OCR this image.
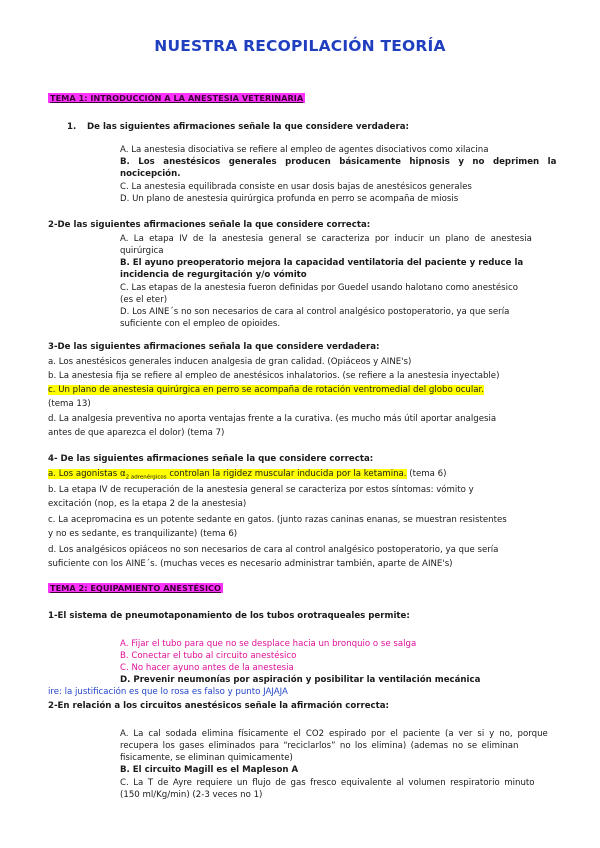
NUESTRA RECOPILACIÓN TEORÍA
TEMA 1: INTRODUCCIÓN A LA ANESTESIA VETERINARIA
1. De las siguientes afirmaciones señale la que considere verdadera:
A. La anestesia disociativa se refiere al empleo de agentes disociativos como xilacina
B. Los anestésicos generales producen básicamente hipnosis y no deprimen la
nocicepción.
C. La anestesia equilibrada consiste en usar dosis bajas de anestésicos generales
D. Un plano de anestesia quirúrgica profunda en perro se acompaña de miosis
2-De las siguientes afirmaciones señale la que considere correcta:
A. La etapa IV de la anestesia general se caracteriza por inducir un plano de anestesia
quirúrgica
B. El ayuno preoperatorio mejora la capacidad ventilatoria del paciente y reduce la
incidencia de regurgitación y/o vómito
C. Las etapas de la anestesia fueron definidas por Guedel usando halotano como anestésico
(es el eter)
D. Los AINE´s no son necesarios de cara al control analgésico postoperatorio, ya que sería
suficiente con el empleo de opioides.
3-De las siguientes afirmaciones señala la que considere verdadera:
a. Los anestésicos generales inducen analgesia de gran calidad. (Opiáceos y AINE's)
b. La anestesia fija se refiere al empleo de anestésicos inhalatorios. (se refiere a la anestesia inyectable)
c. Un plano de anestesia quirúrgica en perro se acompaña de rotación ventromedial del globo ocular.
(tema 13)
d. La analgesia preventiva no aporta ventajas frente a la curativa. (es mucho más útil aportar analgesia
antes de que aparezca el dolor) (tema 7)
4- De las siguientes afirmaciones señale la que considere correcta:
a. Los agonistas $\alpha_{2 adrenérgicos}$ controlan la rigidez muscular inducida por la ketamina. (tema 6)
b. La etapa IV de recuperación de la anestesia general se caracteriza por estos síntomas: vómito y
excitación (nop, es la etapa 2 de la anestesia)
c. La acepromacina es un potente sedante en gatos. (junto razas caninas enanas, se muestran resistentes
y no es sedante, es tranquilizante) (tema 6)
d. Los analgésicos opiáceos no son necesarios de cara al control analgésico postoperatorio, ya que sería
suficiente con los AINE´s. (muchas veces es necesario administrar también, aparte de AINE's)
TEMA 2: EQUIPAMIENTO ANESTÉSICO
1-El sistema de pneumotaponamiento de los tubos orotraqueales permite:
A. Fijar el tubo para que no se desplace hacia un bronquio o se salga
B. Conectar el tubo al circuito anestésico
C. No hacer ayuno antes de la anestesia
D. Prevenir neumonías por aspiración y posibilitar la ventilación mecánica
ire: la justificación es que lo rosa es falso y punto JAJAJA
2-En relación a los circuitos anestésicos señale la afirmación correcta:
A. La cal sodada elimina físicamente el CO2 espirado por el paciente (a ver si y no, porque
recupera los gases eliminados para “reciclarlos” no los elimina) (ademas no se eliminan
fisicamente, se eliminan quimicamente)
B. El circuito Magill es el Mapleson A
C. La T de Ayre requiere un flujo de gas fresco equivalente al volumen respiratorio minuto
(150 ml/Kg/min) (2-3 veces no 1)
